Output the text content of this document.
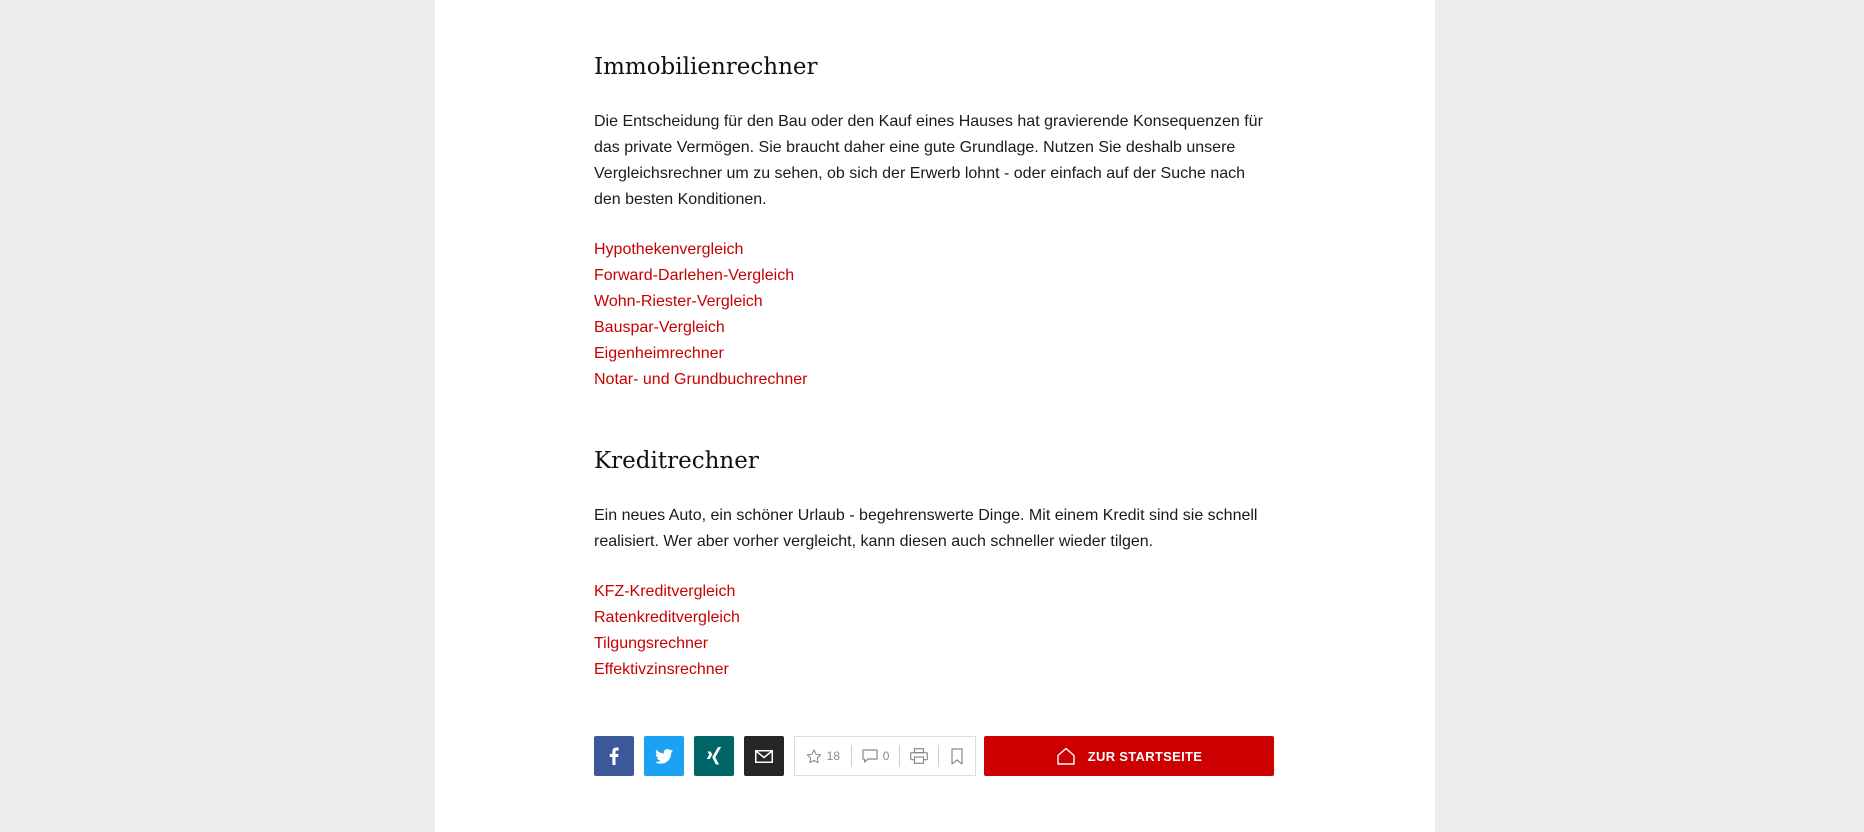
Immobilienrechner

Die Entscheidung für den Bau oder den Kauf eines Hauses hat gravierende Konsequenzen für das private Vermögen. Sie braucht daher eine gute Grundlage. Nutzen Sie deshalb unsere Vergleichsrechner um zu sehen, ob sich der Erwerb lohnt - oder einfach auf der Suche nach den besten Konditionen.

Hypothekenvergleich
Forward-Darlehen-Vergleich
Wohn-Riester-Vergleich
Bauspar-Vergleich
Eigenheimrechner
Notar- und Grundbuchrechner
Kreditrechner

Ein neues Auto, ein schöner Urlaub - begehrenswerte Dinge. Mit einem Kredit sind sie schnell realisiert. Wer aber vorher vergleicht, kann diesen auch schneller wieder tilgen.

KFZ-Kreditvergleich
Ratenkreditvergleich
Tilgungsrechner
Effektivzinsrechner
18	0	ZUR STARTSEITE
